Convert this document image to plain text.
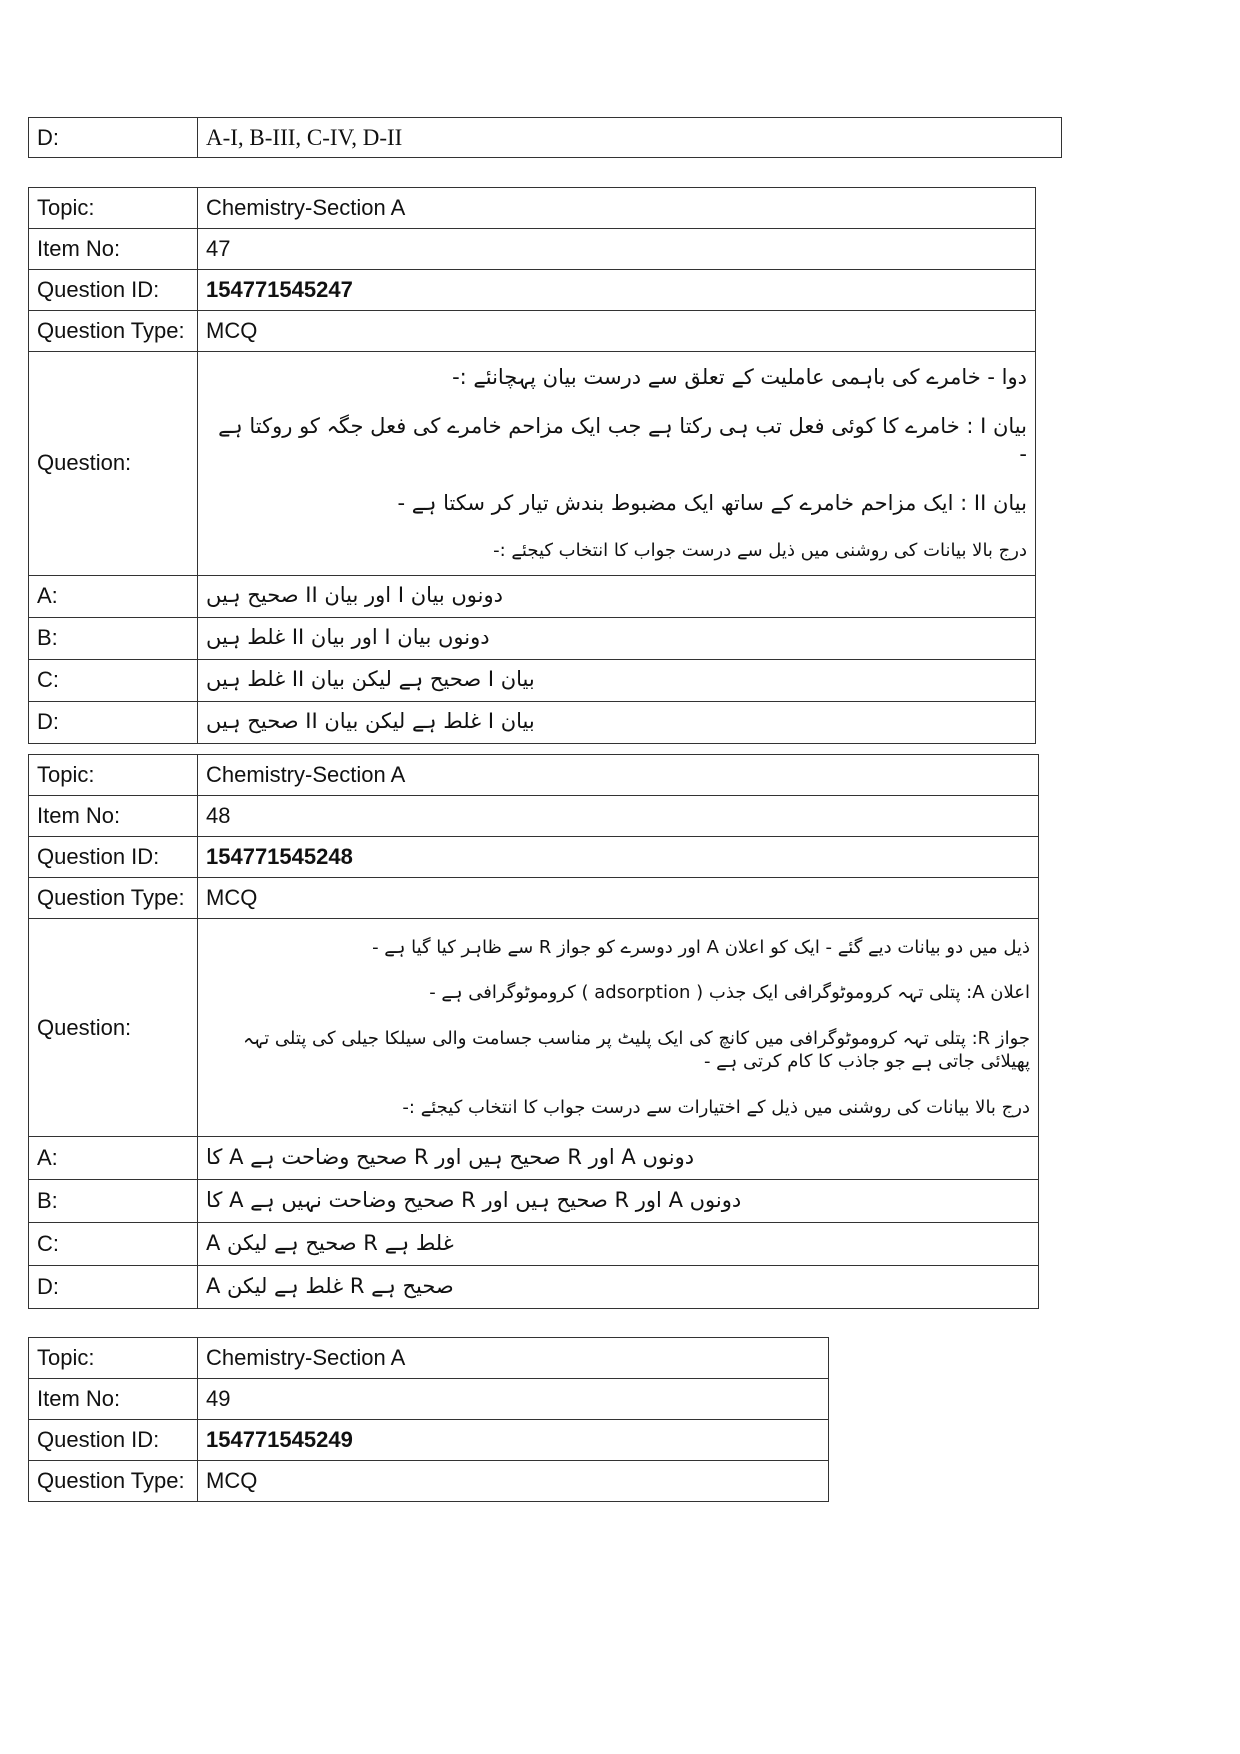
D:	A-I, B-III, C-IV, D-II
Topic:	Chemistry-Section A
Item No:	47
Question ID:	154771545247
Question Type:	MCQ
Question:	دوا - خامرے کی باہمی عاملیت کے تعلق سے درست بیان پہچانئے :-
بیان I : خامرے کا کوئی فعل تب ہی رکتا ہے جب ایک مزاحم خامرے کی فعل جگہ کو روکتا ہے -
بیان II : ایک مزاحم خامرے کے ساتھ ایک مضبوط بندش تیار کر سکتا ہے -
درج بالا بیانات کی روشنی میں ذیل سے درست جواب کا انتخاب کیجئے :-

A:	دونوں بیان I اور بیان II صحیح ہیں
B:	دونوں بیان I اور بیان II غلط ہیں
C:	بیان I صحیح ہے لیکن بیان II غلط ہیں
D:	بیان I غلط ہے لیکن بیان II صحیح ہیں
Topic:	Chemistry-Section A
Item No:	48
Question ID:	154771545248
Question Type:	MCQ
Question:	ذیل میں دو بیانات دیے گئے - ایک کو اعلان A اور دوسرے کو جواز R سے ظاہر کیا گیا ہے -
اعلان A: پتلی تہہ کروموٹوگرافی ایک جذب ( adsorption ) کروموٹوگرافی ہے -
جواز R: پتلی تہہ کروموٹوگرافی میں کانچ کی ایک پلیٹ پر مناسب جسامت والی سیلکا جیلی کی پتلی تہہ پھیلائی جاتی ہے جو جاذب کا کام کرتی ہے -
درج بالا بیانات کی روشنی میں ذیل کے اختیارات سے درست جواب کا انتخاب کیجئے :-

A:	دونوں A اور R صحیح ہیں اور R صحیح وضاحت ہے A کا
B:	دونوں A اور R صحیح ہیں اور R صحیح وضاحت نہیں ہے A کا
C:	A صحیح ہے لیکن R غلط ہے
D:	A غلط ہے لیکن R صحیح ہے
Topic:	Chemistry-Section A
Item No:	49
Question ID:	154771545249
Question Type:	MCQ
